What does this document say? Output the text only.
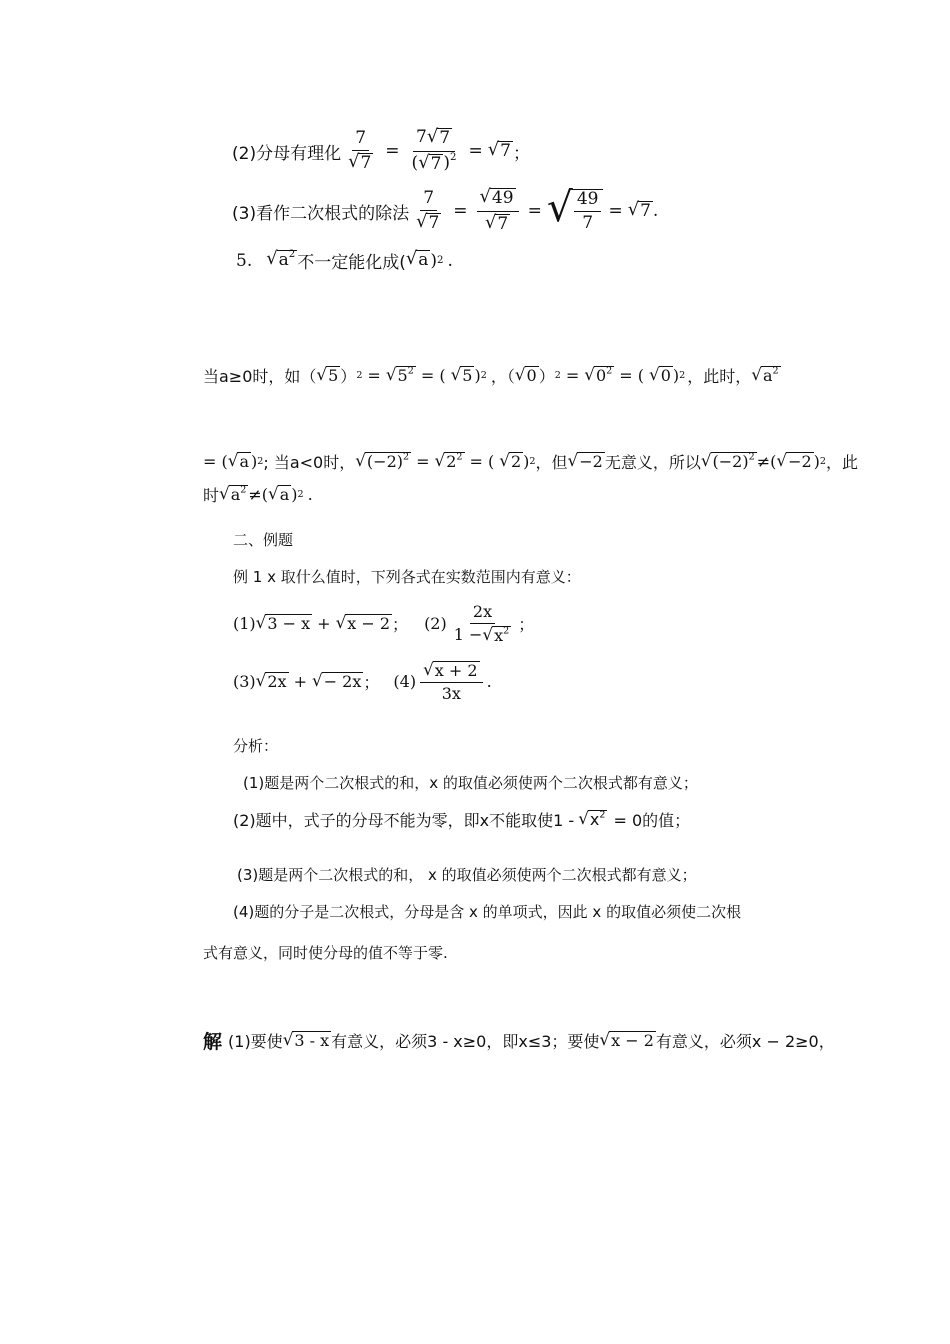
(2)分母有理化 $\frac{7}{√ 7} = \frac{7 √ 7}{( √ 7 )^2}$ = √ 7 ；
(3)看作二次根式的除法 $\frac{7}{√ 7} = \frac{√ 49}{√ 7}$ = √ $\frac{49}{7}$ = √ 7 .
5. √ $a^2$ 不一定能化成( √ a ) 2 .
当a≥0时，如（ √ 5 ） 2 = √ $5^2$ = ( √ 5 ) 2 ，（ √ 0 ） 2 = √ $0^2$ = ( √ 0 ) 2 ，此时， √ $a^2$
= ( √ a ) 2 ; 当a<0时， √ $(-2)^2$ = √ $2^2$ = ( √ 2 ) 2 ，但 √ −2 无意义，所以 √ $(-2)^2$ ≠( √ −2 ) 2 ，此
时 √ $a^2$ ≠( √ a ) 2 .
二、例题
例 1 x 取什么值时，下列各式在实数范围内有意义：
(1) √ 3 − x + √ x − 2 ； $(2) \frac{2x}{1 - √ x^2}$ ；
(3) √ 2x + √ − 2x ； $(4) \frac{√ x + 2}{3x}$ .
分析：
(1)题是两个二次根式的和，x 的取值必须使两个二次根式都有意义；
(2)题中，式子的分母不能为零，即x不能取使1 - √ $x^2 = 0$的值；
(3)题是两个二次根式的和， x 的取值必须使两个二次根式都有意义；
(4)题的分子是二次根式，分母是含 x 的单项式，因此 x 的取值必须使二次根
式有意义，同时使分母的值不等于零.
解 (1)要使 √ 3 - x 有意义，必须3 - x≥0，即x≤3；要使 √ x − 2 有意义，必须x − 2≥0，
